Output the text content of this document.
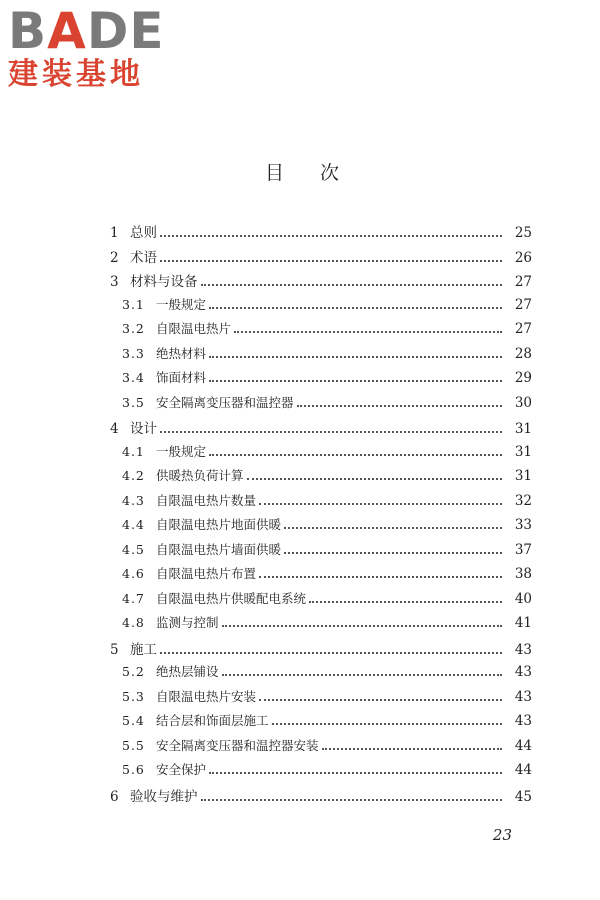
BADE
建装基地
目次
1 总则	25
2 术语	26
3 材料与设备	27
3.1 一般规定	27
3.2 自限温电热片	27
3.3 绝热材料	28
3.4 饰面材料	29
3.5 安全隔离变压器和温控器	30
4 设计	31
4.1 一般规定	31
4.2 供暖热负荷计算	31
4.3 自限温电热片数量	32
4.4 自限温电热片地面供暖	33
4.5 自限温电热片墙面供暖	37
4.6 自限温电热片布置	38
4.7 自限温电热片供暖配电系统	40
4.8 监测与控制	41
5 施工	43
5.2 绝热层铺设	43
5.3 自限温电热片安装	43
5.4 结合层和饰面层施工	43
5.5 安全隔离变压器和温控器安装	44
5.6 安全保护	44
6 验收与维护	45
23
